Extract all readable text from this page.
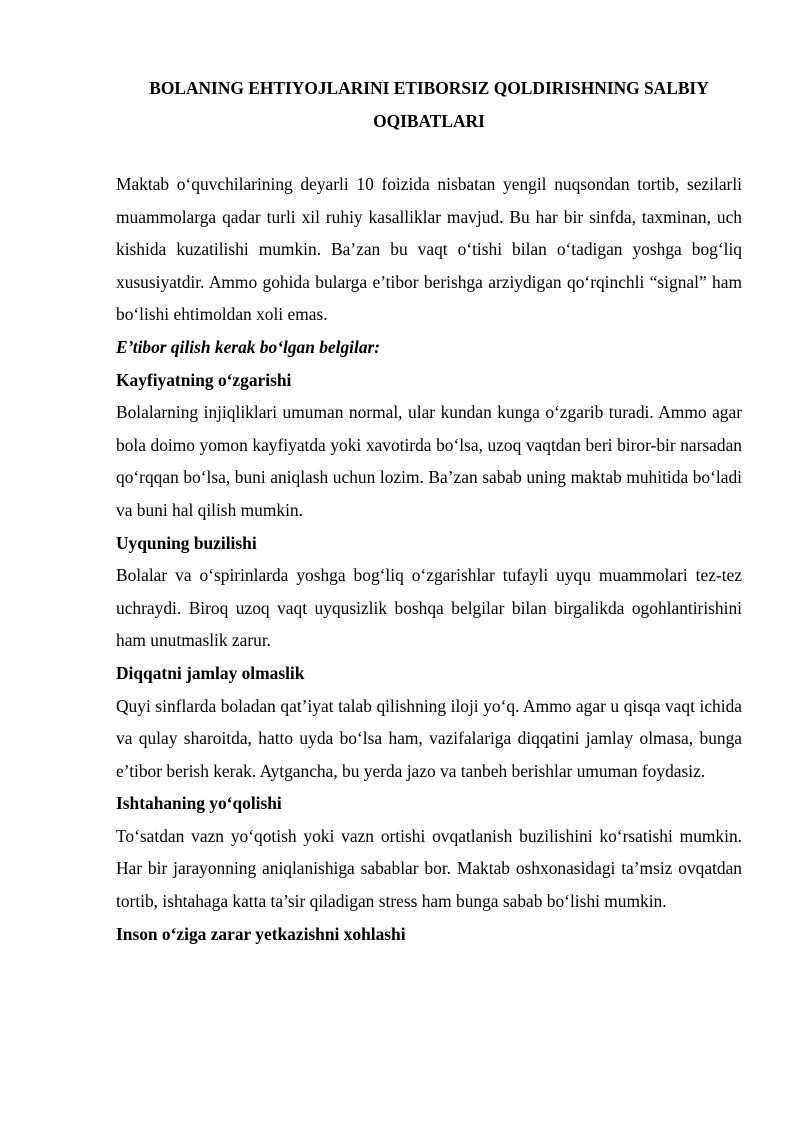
BOLANING EHTIYOJLARINI ETIBORSIZ QOLDIRISHNING SALBIY OQIBATLARI

Maktab o‘quvchilarining deyarli 10 foizida nisbatan yengil nuqsondan tortib, sezilarli muammolarga qadar turli xil ruhiy kasalliklar mavjud. Bu har bir sinfda, taxminan, uch kishida kuzatilishi mumkin. Ba’zan bu vaqt o‘tishi bilan o‘tadigan yoshga bog‘liq xususiyatdir. Ammo gohida bularga e’tibor berishga arziydigan qo‘rqinchli “signal” ham bo‘lishi ehtimoldan xoli emas.

E’tibor qilish kerak bo‘lgan belgilar:

Kayfiyatning o‘zgarishi

Bolalarning injiqliklari umuman normal, ular kundan kunga o‘zgarib turadi. Ammo agar bola doimo yomon kayfiyatda yoki xavotirda bo‘lsa, uzoq vaqtdan beri biror-bir narsadan qo‘rqqan bo‘lsa, buni aniqlash uchun lozim. Ba’zan sabab uning maktab muhitida bo‘ladi va buni hal qilish mumkin.

Uyquning buzilishi

Bolalar va o‘spirinlarda yoshga bog‘liq o‘zgarishlar tufayli uyqu muammolari tez-tez uchraydi. Biroq uzoq vaqt uyqusizlik boshqa belgilar bilan birgalikda ogohlantirishini ham unutmaslik zarur.

Diqqatni jamlay olmaslik

Quyi sinflarda boladan qat’iyat talab qilishning iloji yo‘q. Ammo agar u qisqa vaqt ichida va qulay sharoitda, hatto uyda bo‘lsa ham, vazifalariga diqqatini jamlay olmasa, bunga e’tibor berish kerak. Aytgancha, bu yerda jazo va tanbeh berishlar umuman foydasiz.

Ishtahaning yo‘qolishi

To‘satdan vazn yo‘qotish yoki vazn ortishi ovqatlanish buzilishini ko‘rsatishi mumkin. Har bir jarayonning aniqlanishiga sabablar bor. Maktab oshxonasidagi ta’msiz ovqatdan tortib, ishtahaga katta ta’sir qiladigan stress ham bunga sabab bo‘lishi mumkin.

Inson o‘ziga zarar yetkazishni xohlashi
